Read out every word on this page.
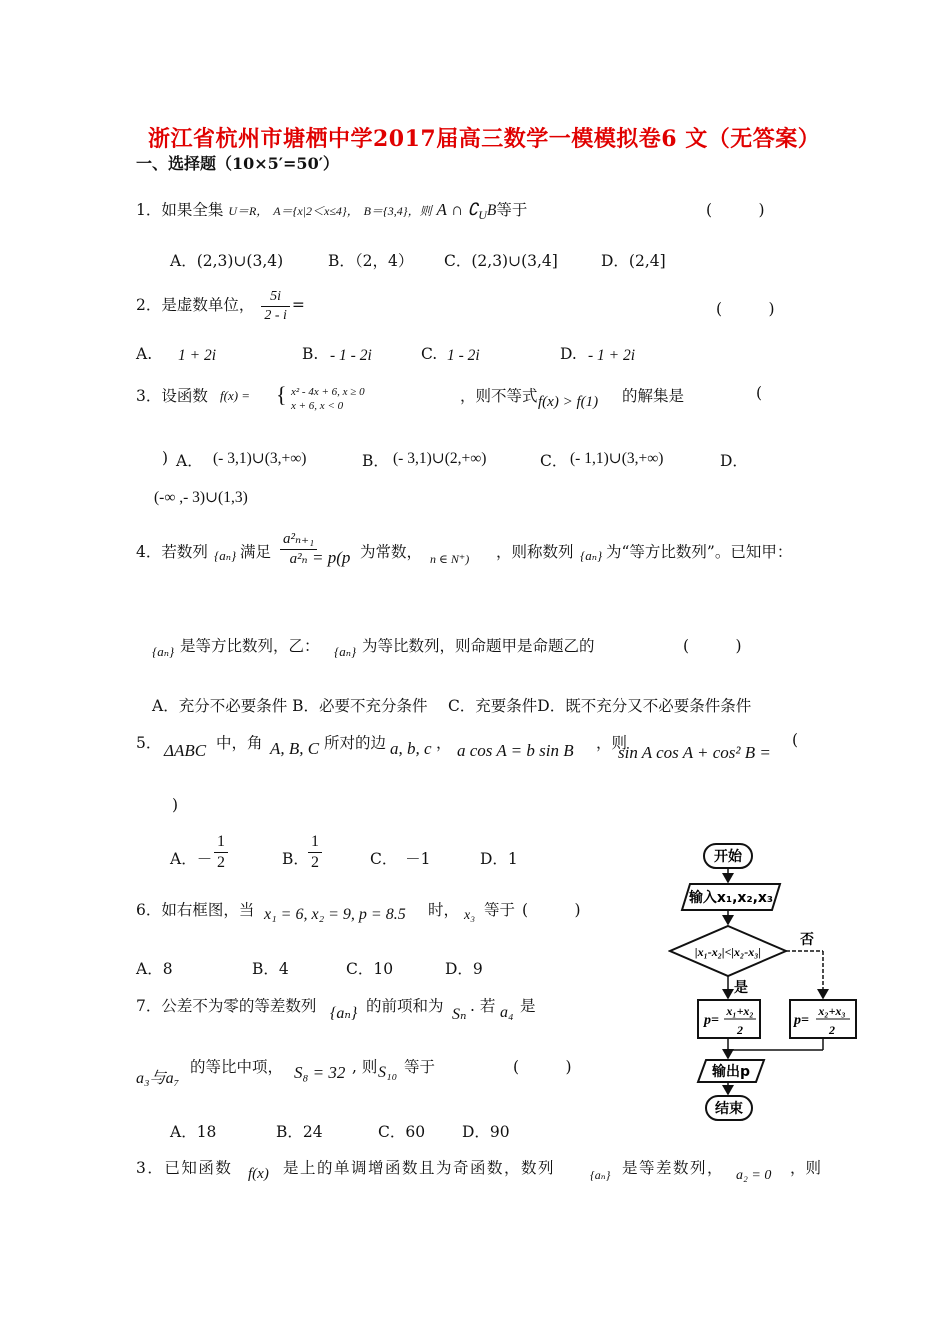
浙江省杭州市塘栖中学2017届高三数学一模模拟卷6 文（无答案）
一、选择题（10×5′=50′）
1．如果全集 U＝R， A＝{x|2＜x≤4}， B＝{3,4}，则 A ∩ $∁_UB$等于	(　　　)
A．(2,3)∪(3,4)	B．（2，4） C．(2,3)∪(3,4]	D．(2,4]
2．是虚数单位， $\frac{5i}{2 - i}$ =	(　　　)
A. 1 + 2i	B. - 1 - 2i	C. 1 - 2i	D. - 1 + 2i
3．设函数 f(x) = { x² - 4x + 6, x ≥ 0
x + 6, x < 0
，则不等式 f(x) > f(1) 的解集是	(
) A． (- 3,1)∪(3,+∞)	B． (- 3,1)∪(2,+∞)	C． (- 1,1)∪(3,+∞)	D．
(-∞ ,- 3)∪(1,3)
4．若数列 {aₙ} 满足 $\frac{\text{a²ₙ₊₁}}{\text{a²ₙ}}$
= p(p 为常数， n ∈ N⁺) ，则称数列 {aₙ} 为“等方比数列”。已知甲：
{aₙ} 是等方比数列，乙： {aₙ} 为等比数列，则命题甲是命题乙的	(　　　)
A．充分不必要条件 B．必要不充分条件　 C．充要条件D．既不充分又不必要条件条件
5． ΔABC 中，角 A, B, C 所对的边 a, b, c ， a cos A = b sin B ，则
sin A cos A + cos² B =
(
)
A．－ $\frac{1}{2}$	B． $\frac{1}{2}$	C．　－1	D．1
6．如右框图，当 x₁ = 6, x₂ = 9, p = 8.5 时， x₃ 等于 (　　　)
A．8	B．4	C．10	D．9
7．公差不为零的等差数列 {aₙ} 的前项和为 Sₙ . 若 a₄ 是
a₃与a₇
的等比中项， S₈ = 32 , 则 S₁₀ 等于	(　　　)
A．18	B．24	C．60 D．90
3．已知函数 f(x) 是上的单调增函数且为奇函数，数列	{aₙ} 是等差数列， a₂ = 0 ，则
开始
输入x₁,x₂,x₃
|x₁-x₂|<|x₂-x₃|
否
是
p=
x₁+x₂
2
p=
x₂+x₃
2
输出p
结束
